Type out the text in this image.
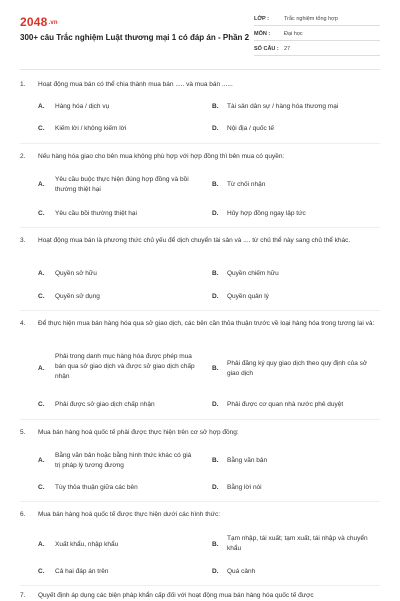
2048.vn
300+ câu Trắc nghiệm Luật thương mại 1 có đáp án - Phần 2
LỚP :	Trắc nghiệm tổng hợp
MÔN :	Đại học
SỐ CÂU : 27
1. Hoạt động mua bán có thể chia thành mua bán ..... và mua bán ......
A. Hàng hóa / dịch vụ	B. Tài sản dân sự / hàng hóa thương mại
C. Kiếm lời / không kiếm lời	D. Nội địa / quốc tế
2. Nếu hàng hóa giao cho bên mua không phù hợp với hợp đồng thì bên mua có quyền:
A.
Yêu cầu buộc thực hiện đúng hợp đồng và bồi thường thiệt hại
B. Từ chối nhận
C. Yêu cầu bồi thường thiệt hại	D. Hủy hợp đồng ngay lập tức
3. Hoạt động mua bán là phương thức chủ yếu để dịch chuyển tài sản và .... từ chủ thể này sang chủ thể khác.
A. Quyền sở hữu	B. Quyền chiếm hữu
C. Quyền sử dụng	D. Quyền quản lý
4. Để thực hiện mua bán hàng hóa qua sở giao dịch, các bên cần thỏa thuận trước về loại hàng hóa trong tương lai và:
A.
Phải trong danh mục hàng hóa được phép mua bán qua sở giao dịch và được sở giao dịch chấp nhận
B.
Phải đăng ký quy giao dịch theo quy định của sở giao dịch
C. Phải được sở giao dịch chấp nhận	D. Phải được cơ quan nhà nước phê duyệt
5. Mua bán hàng hoá quốc tế phải được thực hiện trên cơ sở hợp đồng:
A.
Bằng văn bản hoặc bằng hình thức khác có giá trị pháp lý tương đương
B. Bằng văn bản
C. Tùy thỏa thuận giữa các bên	D. Bằng lời nói
6. Mua bán hàng hoá quốc tế được thực hiện dưới các hình thức:
A. Xuất khẩu, nhập khẩu	B.
Tạm nhập, tái xuất; tạm xuất, tái nhập và chuyển khẩu
C. Cả hai đáp án trên	D. Quá cảnh
7. Quyết định áp dụng các biện pháp khẩn cấp đối với hoạt động mua bán hàng hóa quốc tế được
